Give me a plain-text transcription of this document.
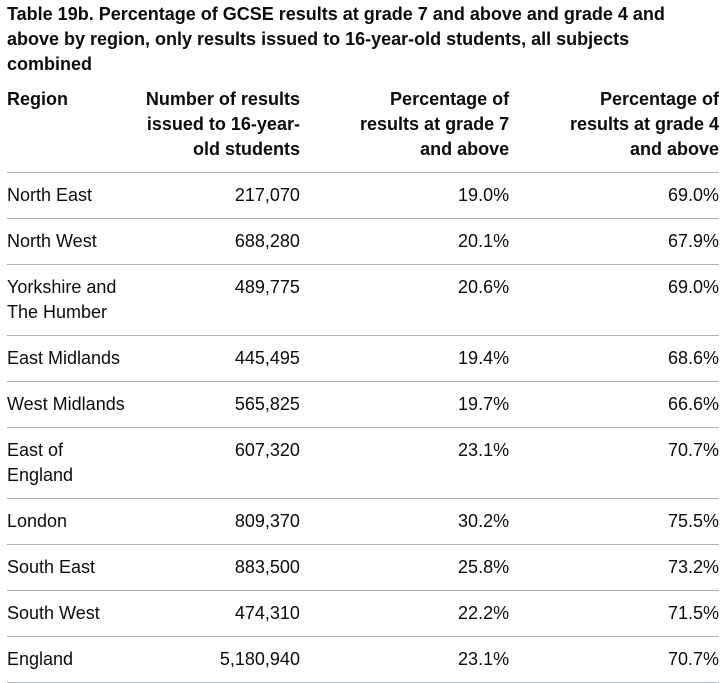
Table 19b. Percentage of GCSE results at grade 7 and above and grade 4 and above by region, only results issued to 16-year-old students, all subjects combined

Region	Number of results issued to 16-year-old students	Percentage of results at grade 7 and above	Percentage of results at grade 4 and above
North East	217,070	19.0%	69.0%
North West	688,280	20.1%	67.9%
Yorkshire and The Humber	489,775	20.6%	69.0%
East Midlands	445,495	19.4%	68.6%
West Midlands	565,825	19.7%	66.6%
East of England	607,320	23.1%	70.7%
London	809,370	30.2%	75.5%
South East	883,500	25.8%	73.2%
South West	474,310	22.2%	71.5%
England	5,180,940	23.1%	70.7%
